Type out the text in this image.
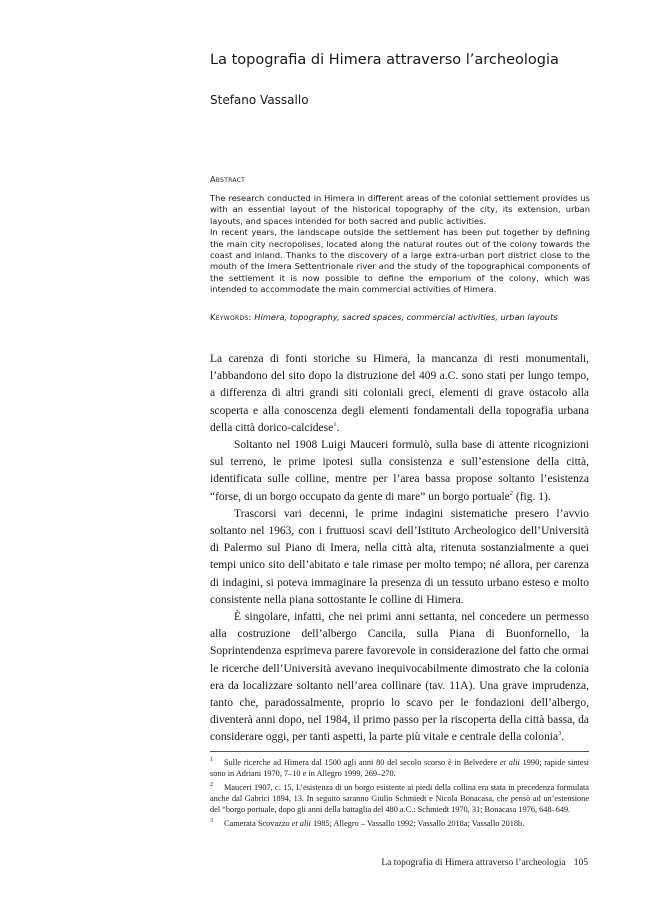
La topografia di Himera attraverso l’archeologia
Stefano Vassallo
Abstract

The research conducted in Himera in different areas of the colonial settlement provides us with an essential layout of the historical topography of the city, its extension, urban layouts, and spaces intended for both sacred and public activities.

In recent years, the landscape outside the settlement has been put together by defining the main city necropolises, located along the natural routes out of the colony towards the coast and inland. Thanks to the discovery of a large extra-urban port district close to the mouth of the Imera Settentrionale river and the study of the topographical components of the settlement it is now possible to define the emporium of the colony, which was intended to accommodate the main commercial activities of Himera.

Keywords: Himera, topography, sacred spaces, commercial activities, urban layouts

La carenza di fonti storiche su Himera, la mancanza di resti monumentali, l’abbandono del sito dopo la distruzione del 409 a.C. sono stati per lungo tempo, a differenza di altri grandi siti coloniali greci, elementi di grave ostacolo alla scoperta e alla conoscenza degli elementi fondamentali della topografia urbana della città dorico-calcidese$^1$.

Soltanto nel 1908 Luigi Mauceri formulò, sulla base di attente ricognizioni sul terreno, le prime ipotesi sulla consistenza e sull’estensione della città, identificata sulle colline, mentre per l’area bassa propose soltanto l’esistenza “forse, di un borgo occupato da gente di mare” un borgo portuale$^2$ (fig. 1).

Trascorsi vari decenni, le prime indagini sistematiche presero l’avvio soltanto nel 1963, con i fruttuosi scavi dell’Istituto Archeologico dell’Università di Palermo sul Piano di Imera, nella città alta, ritenuta sostanzialmente a quei tempi unico sito dell’abitato e tale rimase per molto tempo; né allora, per carenza di indagini, si poteva immaginare la presenza di un tessuto urbano esteso e molto consistente nella piana sottostante le colline di Himera.

È singolare, infatti, che nei primi anni settanta, nel concedere un permesso alla costruzione dell’albergo Cancila, sulla Piana di Buonfornello, la Soprintendenza esprimeva parere favorevole in considerazione del fatto che ormai le ricerche dell’Università avevano inequivocabilmente dimostrato che la colonia era da localizzare soltanto nell’area collinare (tav. 11A). Una grave imprudenza, tanto che, paradossalmente, proprio lo scavo per le fondazioni dell’albergo, diventerà anni dopo, nel 1984, il primo passo per la riscoperta della città bassa, da considerare oggi, per tanti aspetti, la parte più vitale e centrale della colonia$^3$.

1 Sulle ricerche ad Himera dal 1500 agli anni 80 del secolo scorso è in Belvedere et alii 1990; rapide sintesi sono in Adriani 1970, 7–10 e in Allegro 1999, 269–270.

2 Mauceri 1907, c. 15, L’esistenza di un borgo esistente ai piedi della collina era stata in precedenza formulata anche dal Gabrici 1894, 13. In seguito saranno Giulio Schmiedt e Nicola Bonacasa, che pensò ad un’estensione del “borgo portuale, dopo gli anni della battaglia del 480 a.C.: Schmiedt 1970, 31; Bonacasa 1976, 648–649.

3 Camerata Scovazzo et alii 1985; Allegro – Vassallo 1992; Vassallo 2018a; Vassallo 2018b.

La topografia di Himera attraverso l’archeologia 105
